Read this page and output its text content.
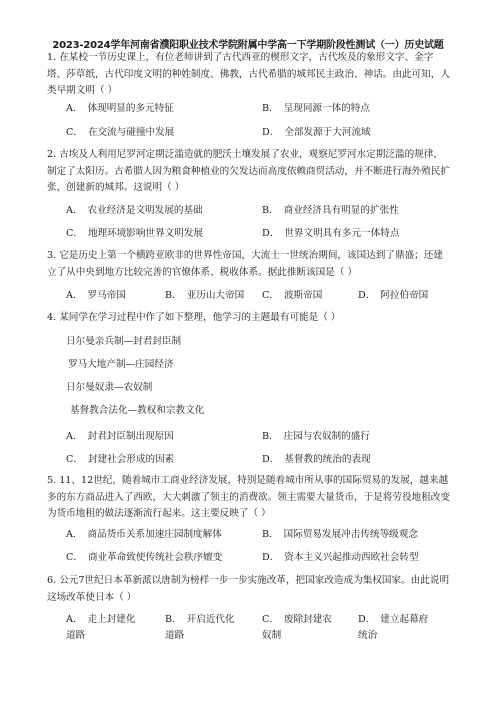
2023-2024学年河南省濮阳职业技术学院附属中学高一下学期阶段性测试（一）历史试题
1. 在某校一节历史课上，有位老师讲到了古代西亚的楔形文字，古代埃及的象形文字、金字塔、莎草纸，古代印度文明的种姓制度、佛教，古代希腊的城邦民主政治、神话。由此可知，人类早期文明（ ）
A． 体现明显的多元特征	B． 呈现同源一体的特点
C． 在交流与碰撞中发展	D． 全部发源于大河流域
2. 古埃及人利用尼罗河定期泛滥造就的肥沃土壤发展了农业，观察尼罗河水定期泛滥的规律，制定了太阳历。古希腊人因为粮食种植业的欠发达而高度依赖商贸活动，并不断进行海外殖民扩张，创建新的城邦。这说明（ ）
A． 农业经济是文明发展的基础	B． 商业经济具有明显的扩张性
C． 地理环境影响世界文明发展	D． 世界文明具有多元一体特点
3. 它是历史上第一个横跨亚欧非的世界性帝国，大流士一世统治期间，该国达到了鼎盛；还建立了从中央到地方比较完善的官僚体系、税收体系。据此推断该国是（ ）
A． 罗马帝国	B． 亚历山大帝国 C． 波斯帝国	D． 阿拉伯帝国
4. 某同学在学习过程中作了如下整理，他学习的主题最有可能是（ ）
日尔曼亲兵制—封君封臣制
罗马大地产制—庄园经济
日尔曼奴隶—农奴制
基督教合法化—教权和宗教文化
A． 封君封臣制出现原因	B． 庄园与农奴制的盛行
C． 封建社会形成的因素	D． 基督教的统治的表现
5. 11、12世纪，随着城市工商业经济发展，特别是随着城市所从事的国际贸易的发展，越来越多的东方商品进入了西欧，大大刺激了领主的消费欲。领主需要大量货币，于是将劳役地租改变为货币地租的做法逐渐流行起来。这主要反映了（ ）
A． 商品货币关系加速庄园制度解体	B． 国际贸易发展冲击传统等级观念
C． 商业革命致使传统社会秩序嬗变	D． 资本主义兴起推动西欧社会转型
6. 公元7世纪日本革新派以唐制为榜样一步一步实施改革，把国家改造成为集权国家。由此说明这场改革使日本（ ）
A． 走上封建化道路
B． 开启近代化道路
C． 废除封建农奴制
D． 建立起幕府统治
